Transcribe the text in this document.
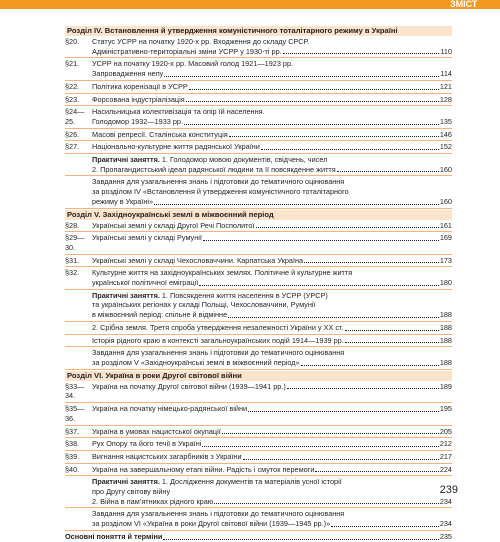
ЗМІСТ
Розділ IV. Встановлення й утвердження комуністичного тоталітарного режиму в Україні
§20.	Статус УСРР на початку 1920-х рр. Входження до складу СРСР.
Адміністративно-територіальні зміни УСРР у 1930-ті рр.	110
§21.	УСРР на початку 1920-х рр. Масовий голод 1921—1923 рр.
Запровадження непу	114
§22.	Політика коренізації в УСРР	121
§23.	Форсована індустріалізація	128
§24—25.
Насильницька колективізація та опір їй населення.
Голодомор 1932—1933 рр.	135
§26.	Масові репресії. Сталінська конституція	146
§27.	Національно-культурне життя радянської України	152
Практичні заняття.
1. Голодомор мовою документів, свідчень, чисел
2. Пропагандистський ідеал радянської людини та її повсякденне життя	160
Завдання для узагальнення знань і підготовки до тематичного оцінювання
за розділом IV «Встановлення й утвердження комуністичного тоталітарного
режиму в Україні»	160
Розділ V. Західноукраїнські землі в міжвоєнний період
§28.	Українські землі у складі Другої Речі Посполитої	161
§29—30.
Українські землі у складі Румунії	169
§31.	Українські землі у складі Чехословаччини. Карпатська Україна	173
§32.	Культурне життя на західноукраїнських землях. Політичне й культурне життя
української політичної еміграції	180
Практичні заняття.
1. Повсякдення життя населення в УСРР (УРСР)
та українських регіонах у складі Польщі, Чехословаччини, Румунії
в міжвоєнний період: спільне й відмінне	188
2. Срібна земля. Третя спроба утвердження незалежності України у ХХ ст.	188
Історія рідного краю в контексті загальноукраїнських подій 1914—1939 рр.	188
Завдання для узагальнення знань і підготовки до тематичного оцінювання
за розділом V «Західноукраїнські землі в міжвоєнний період»	188
Розділ VI. Україна в роки Другої світової війни
§33—34.
Україна на початку Другої світової війни (1939—1941 рр.)	189
§35—36.
Україна на початку німецько-радянської війни	195
§37.	Україна в умовах нацистської окупації	205
§38.	Рух Опору та його течії в Україні	212
§39.	Вигнання нацистських загарбників з України	217
§40.	Україна на завершальному етапі війни. Радість і смуток перемоги	224
Практичні заняття.
1. Дослідження документів та матеріалів усної історії
про Другу світову війну
2. Війна в пам’ятниках рідного краю	234
Завдання для узагальнення знань і підготовки до тематичного оцінювання
за розділом VI «Україна в роки Другої світової війни (1939—1945 рр.)»	234
Основні поняття й терміни	235
239
